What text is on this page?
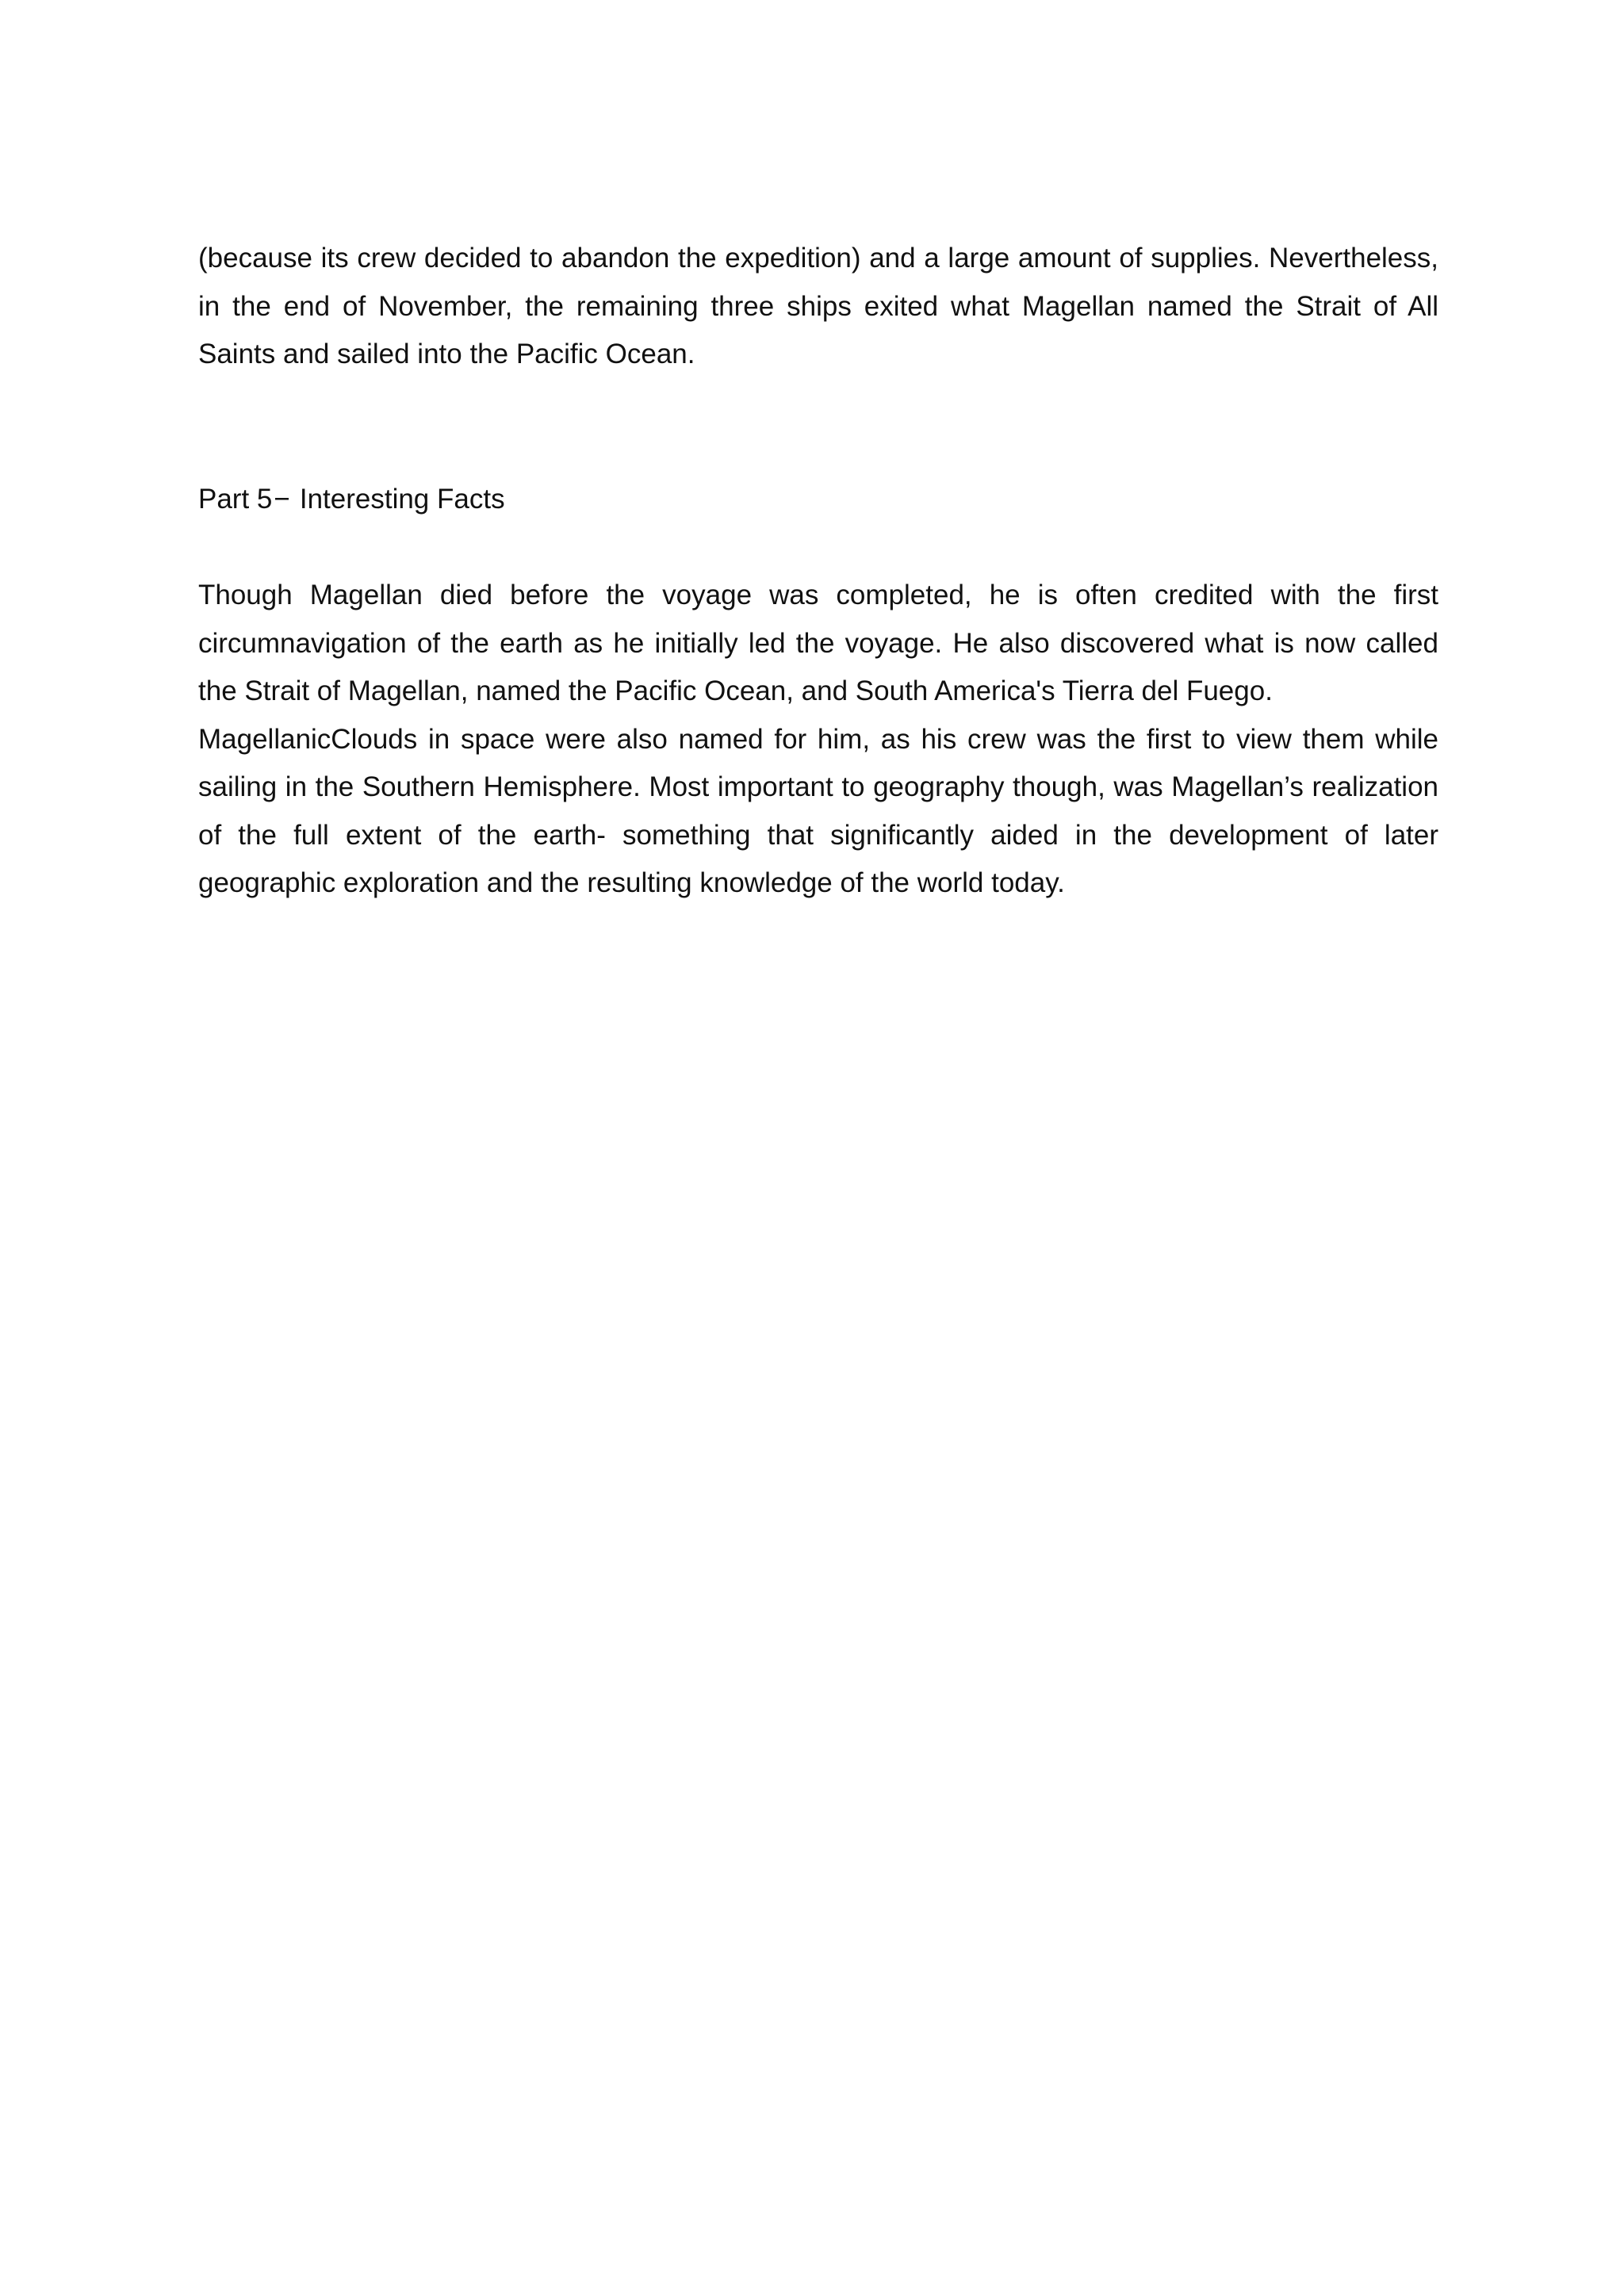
(because its crew decided to abandon the expedition) and a large amount of supplies. Nevertheless, in the end of November, the remaining three ships exited what Magellan named the Strait of All Saints and sailed into the Pacific Ocean.

Part 5− Interesting Facts

Though Magellan died before the voyage was completed, he is often credited with the first circumnavigation of the earth as he initially led the voyage. He also discovered what is now called the Strait of Magellan, named the Pacific Ocean, and South America's Tierra del Fuego.

MagellanicClouds in space were also named for him, as his crew was the first to view them while sailing in the Southern Hemisphere. Most important to geography though, was Magellan’s realization of the full extent of the earth- something that significantly aided in the development of later geographic exploration and the resulting knowledge of the world today.
